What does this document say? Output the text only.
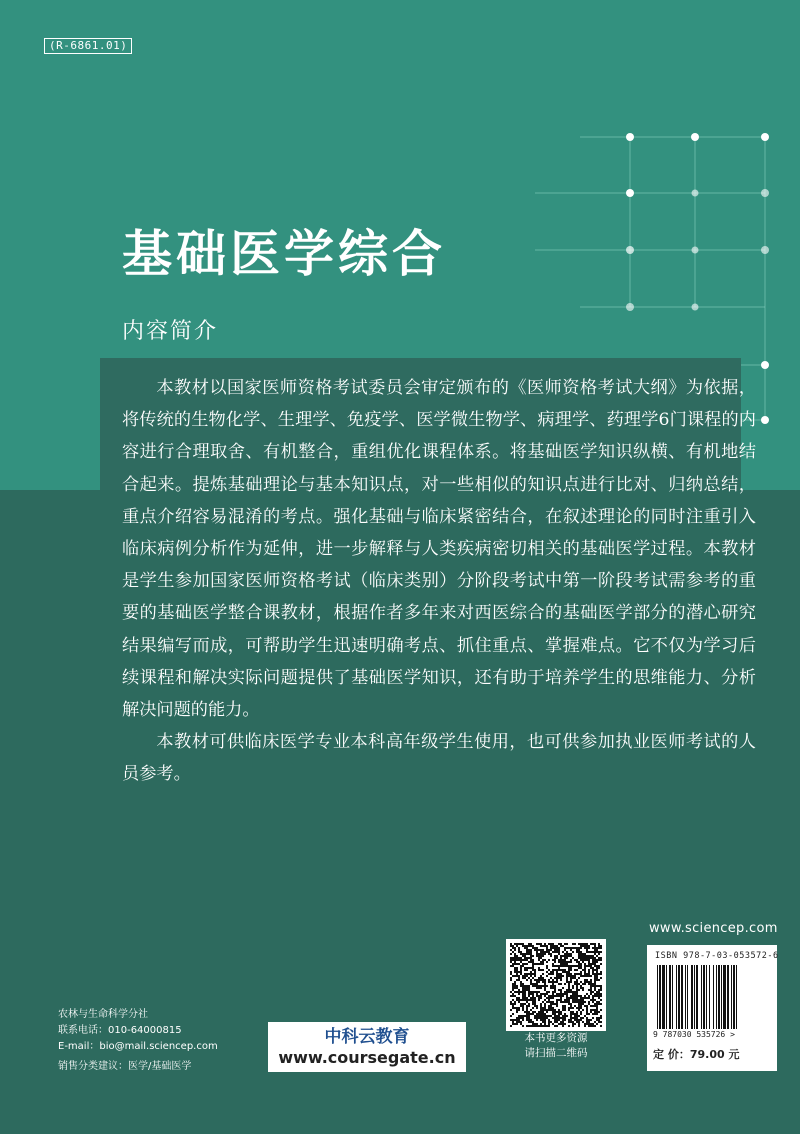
(R-6861.01)
基础医学综合
内容简介

本教材以国家医师资格考试委员会审定颁布的《医师资格考试大纲》为依据，将传统的生物化学、生理学、免疫学、医学微生物学、病理学、药理学6门课程的内容进行合理取舍、有机整合，重组优化课程体系。将基础医学知识纵横、有机地结合起来。提炼基础理论与基本知识点，对一些相似的知识点进行比对、归纳总结，重点介绍容易混淆的考点。强化基础与临床紧密结合，在叙述理论的同时注重引入临床病例分析作为延伸，进一步解释与人类疾病密切相关的基础医学过程。本教材是学生参加国家医师资格考试（临床类别）分阶段考试中第一阶段考试需参考的重要的基础医学整合课教材，根据作者多年来对西医综合的基础医学部分的潜心研究结果编写而成，可帮助学生迅速明确考点、抓住重点、掌握难点。它不仅为学习后续课程和解决实际问题提供了基础医学知识，还有助于培养学生的思维能力、分析解决问题的能力。

本教材可供临床医学专业本科高年级学生使用，也可供参加执业医师考试的人员参考。

农林与生命科学分社
联系电话：010-64000815
E-mail：bio@mail.sciencep.com
销售分类建议：医学/基础医学
中科云教育
www.coursegate.cn
本书更多资源
请扫描二维码
www.sciencep.com
ISBN 978-7-03-053572-6
9 787030 535726 >
定 价：79.00 元
